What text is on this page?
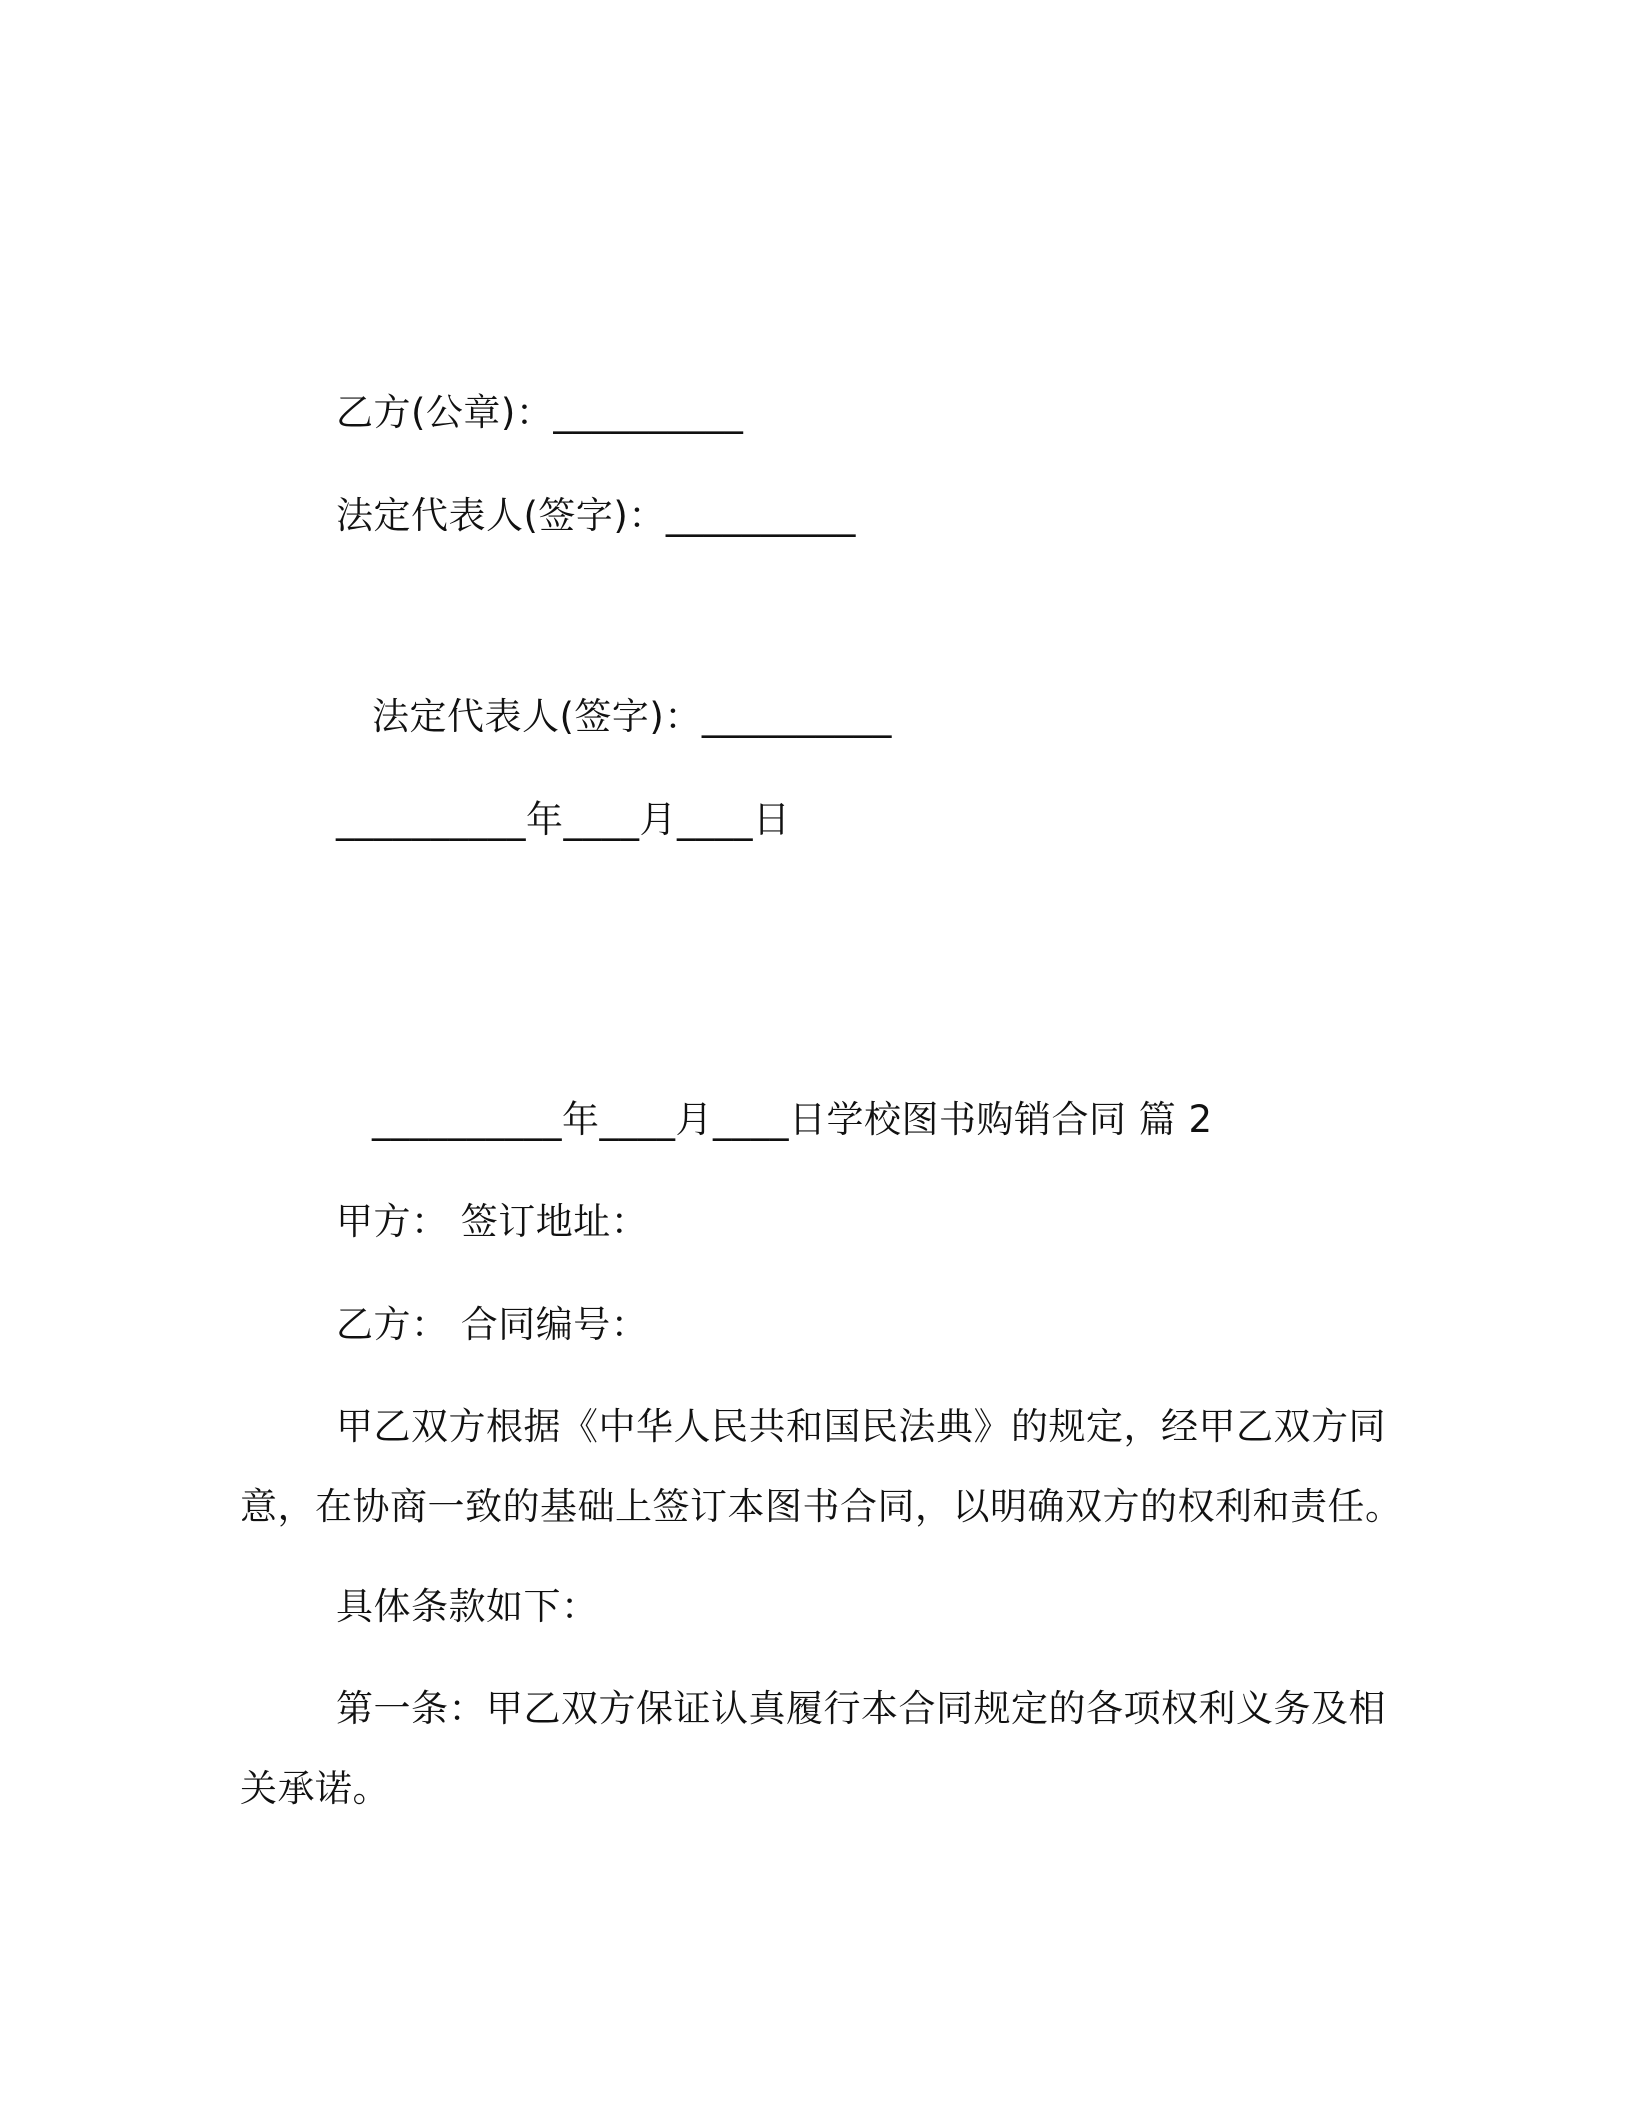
乙方(公章)：__________
法定代表人(签字)：__________
法定代表人(签字)：__________
__________年____月____日
__________年____月____日学校图书购销合同 篇 2
甲方： 签订地址：
乙方： 合同编号：
甲乙双方根据《中华人民共和国民法典》的规定，经甲乙双方同
意，在协商一致的基础上签订本图书合同，以明确双方的权利和责任。
具体条款如下：
第一条：甲乙双方保证认真履行本合同规定的各项权利义务及相
关承诺。
